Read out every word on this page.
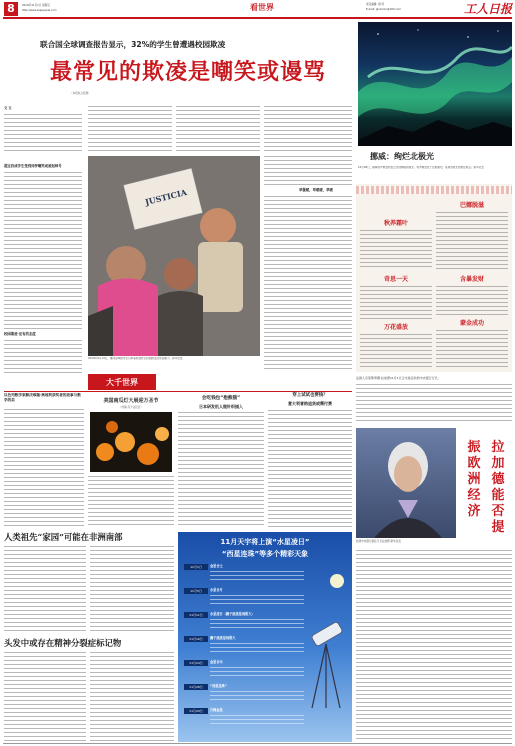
8	2019年11月1日 星期五
http://www.wiapeople.com	看世界	责任编辑: 胡 风
E-mail: gloomxx@163.com	工人日报
联合国全球调查报告显示，32%的学生曾遭遇校园欺凌
最常见的欺凌是嘲笑或谩骂
（本报综合报道）
挪威：绚烂北极光
10月28日，挪威特罗姆瑟的夜空出现绚丽的极光。特罗姆瑟位于北极圈内，是观赏极光的绝佳地点。新华社发
文 文
超过四成学生受到同伴嘲笑或被起绰号
校园欺凌·应有的态度
JUSTICIA
2019年9月14日，墨西哥城的学生们举着标语抗议校园欺凌及性别暴力。新华社发
草偃暖，草暖暖，草暖
秋养霜叶
奇思一天
万花盛放
巴娜脱滋
含暴发财
蒙金成功
大千世界
以色列数学家解决难题·奥地利获奖者的故事与数学的美	美国南瓜灯大展迎万圣节
（约翰·宾夕法尼亚）
会吃钱包“抱熊猫”
日本研发机人做针织插入
穿上试试也要钱？
意大利冒购退货或需付费
人类祖先“家园”可能在非洲南部
头发中或存在精神分裂症标记物
11月天宇将上演“水星凌日”
“西星连珠”等多个精彩天象
11月1日	金星合土
11月5日	水星合月
11月11日	水星凌日（狮子座流星雨极大）
11月16日	狮子座流星雨极大
11月24日	金星合木
11月28日	“西星连珠”
11月29日	月掩金星
法国人克里斯蒂娜·拉加德11月1日正式接任欧洲中央银行行长。
欧洲中央银行新任行长拉加德 新华社发
拉
加
德
能
否
提
振
欧
洲
经
济
